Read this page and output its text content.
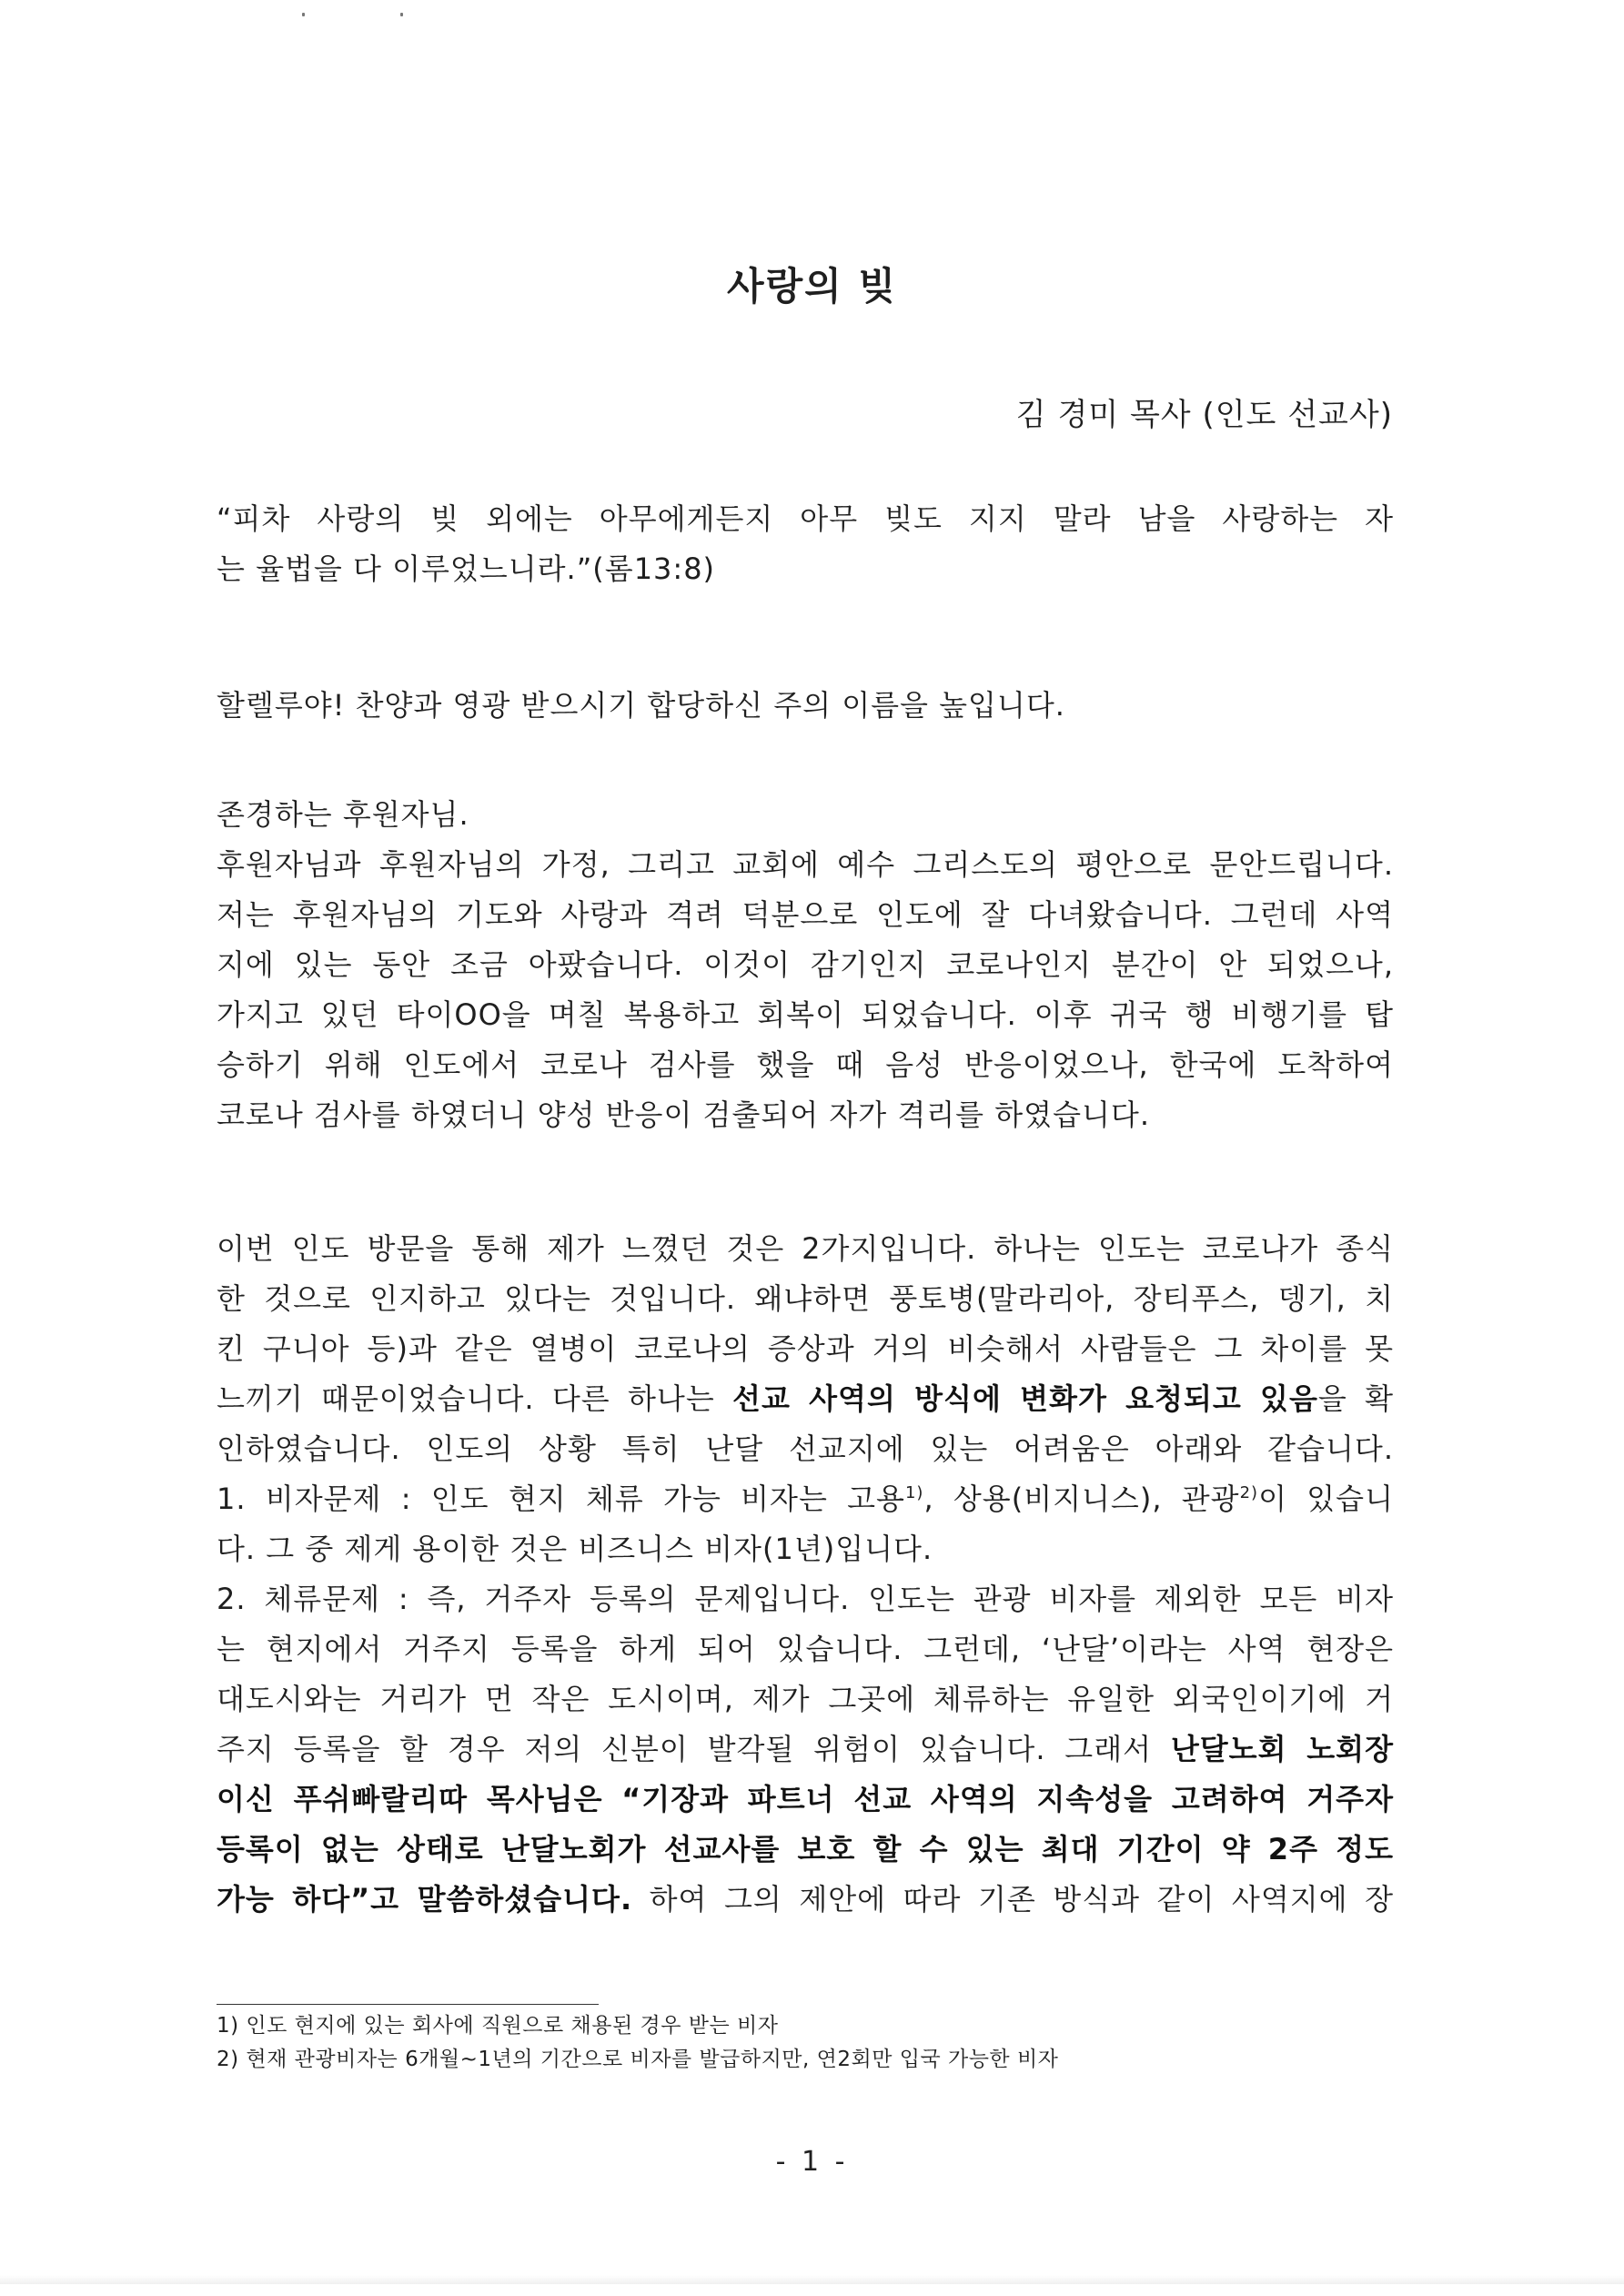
사랑의 빚

김 경미 목사 (인도 선교사)

“피차 사랑의 빚 외에는 아무에게든지 아무 빚도 지지 말라 남을 사랑하는 자
는 율법을 다 이루었느니라.”(롬13:8)
할렐루야! 찬양과 영광 받으시기 합당하신 주의 이름을 높입니다.
존경하는 후원자님.
후원자님과 후원자님의 가정, 그리고 교회에 예수 그리스도의 평안으로 문안드립니다.
저는 후원자님의 기도와 사랑과 격려 덕분으로 인도에 잘 다녀왔습니다. 그런데 사역
지에 있는 동안 조금 아팠습니다. 이것이 감기인지 코로나인지 분간이 안 되었으나,
가지고 있던 타이OO을 며칠 복용하고 회복이 되었습니다. 이후 귀국 행 비행기를 탑
승하기 위해 인도에서 코로나 검사를 했을 때 음성 반응이었으나, 한국에 도착하여
코로나 검사를 하였더니 양성 반응이 검출되어 자가 격리를 하였습니다.
이번 인도 방문을 통해 제가 느꼈던 것은 2가지입니다. 하나는 인도는 코로나가 종식
한 것으로 인지하고 있다는 것입니다. 왜냐하면 풍토병(말라리아, 장티푸스, 뎅기, 치
킨 구니아 등)과 같은 열병이 코로나의 증상과 거의 비슷해서 사람들은 그 차이를 못
느끼기 때문이었습니다. 다른 하나는 선교 사역의 방식에 변화가 요청되고 있음을 확
인하였습니다. 인도의 상황 특히 난달 선교지에 있는 어려움은 아래와 같습니다.
1. 비자문제 : 인도 현지 체류 가능 비자는 고용$^{1)}$, 상용(비지니스), 관광$^{2)}$이 있습니
다. 그 중 제게 용이한 것은 비즈니스 비자(1년)입니다.
2. 체류문제 : 즉, 거주자 등록의 문제입니다. 인도는 관광 비자를 제외한 모든 비자
는 현지에서 거주지 등록을 하게 되어 있습니다. 그런데, ‘난달’이라는 사역 현장은
대도시와는 거리가 먼 작은 도시이며, 제가 그곳에 체류하는 유일한 외국인이기에 거
주지 등록을 할 경우 저의 신분이 발각될 위험이 있습니다. 그래서 난달노회 노회장
이신 푸쉬빠랄리따 목사님은 “기장과 파트너 선교 사역의 지속성을 고려하여 거주자
등록이 없는 상태로 난달노회가 선교사를 보호 할 수 있는 최대 기간이 약 2주 정도
가능 하다”고 말씀하셨습니다. 하여 그의 제안에 따라 기존 방식과 같이 사역지에 장
1) 인도 현지에 있는 회사에 직원으로 채용된 경우 받는 비자
2) 현재 관광비자는 6개월~1년의 기간으로 비자를 발급하지만, 연2회만 입국 가능한 비자

- 1 -
